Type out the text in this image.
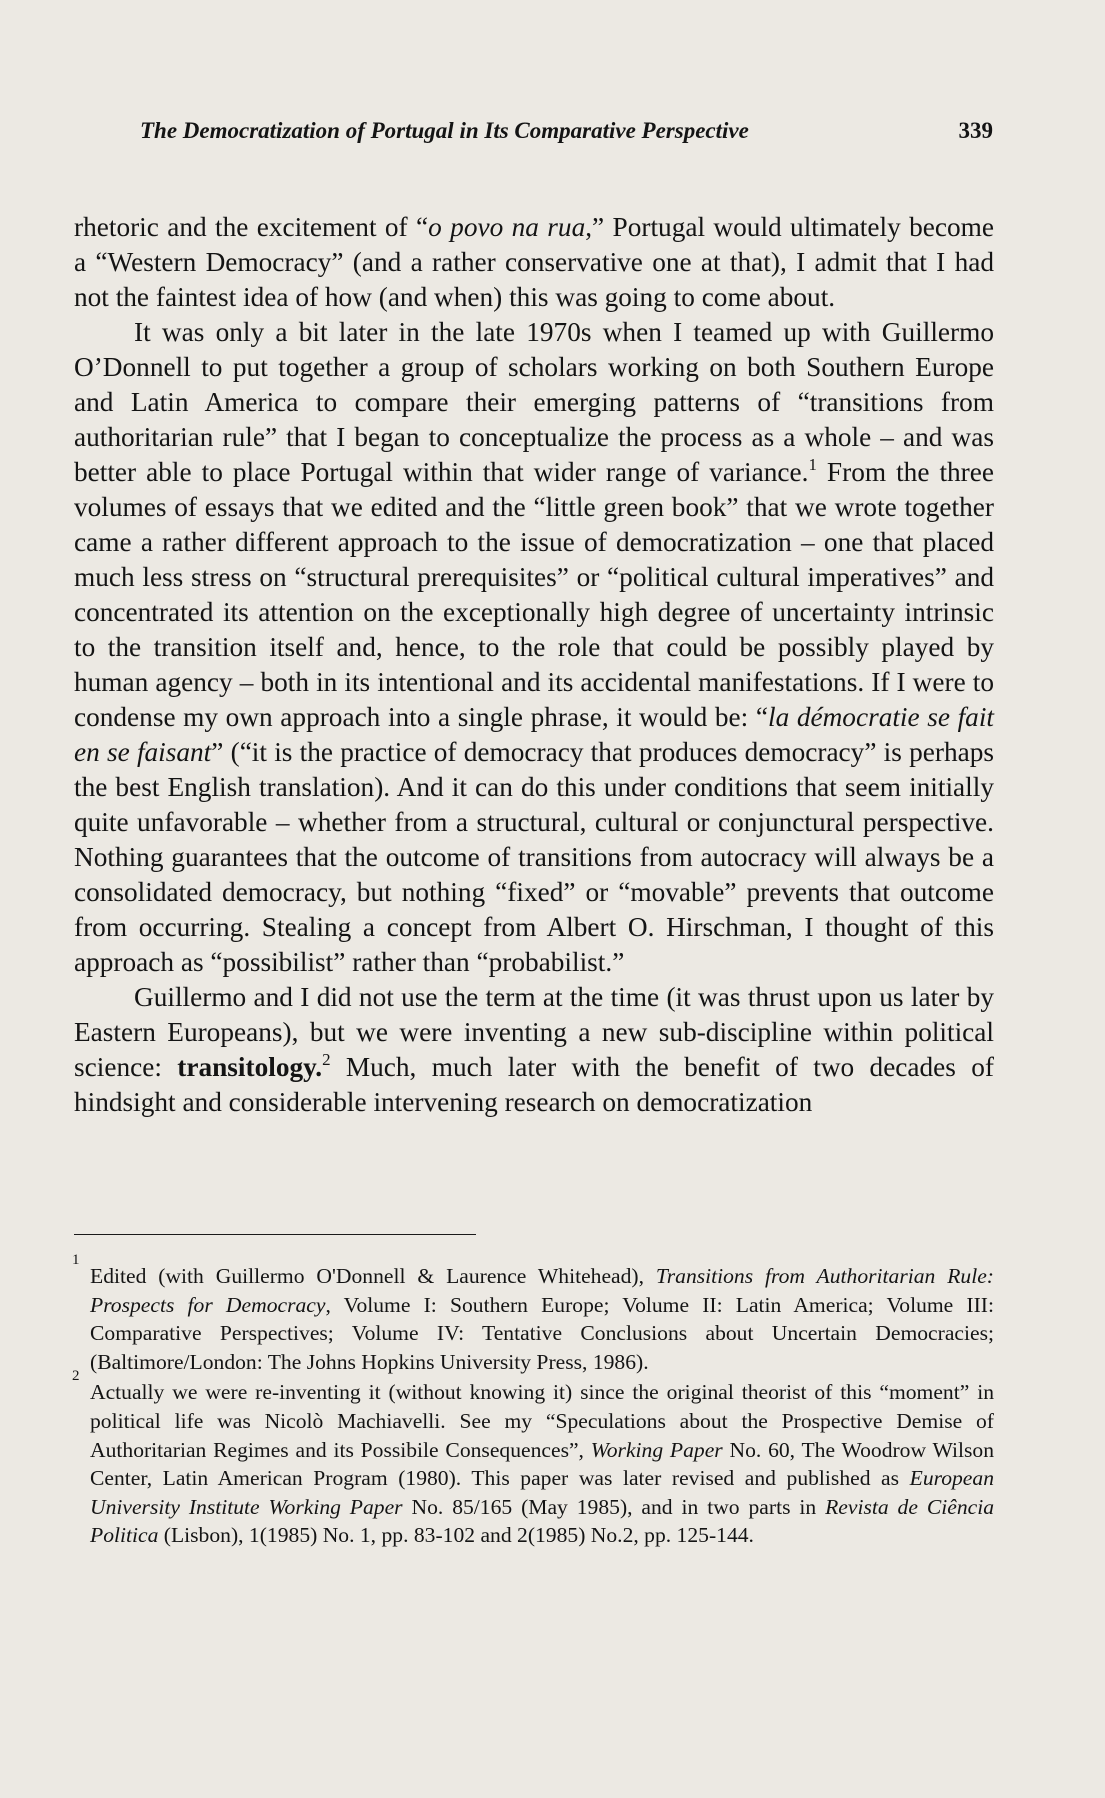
The Democratization of Portugal in Its Comparative Perspective	339

rhetoric and the excitement of “o povo na rua,” Portugal would ultimately become a “Western Democracy” (and a rather conservative one at that), I admit that I had not the faintest idea of how (and when) this was going to come about.

It was only a bit later in the late 1970s when I teamed up with Guillermo O’Donnell to put together a group of scholars working on both Southern Europe and Latin America to compare their emerging patterns of “transitions from authoritarian rule” that I began to conceptualize the process as a whole – and was better able to place Portugal within that wider range of variance.$^1$ From the three volumes of essays that we edited and the “little green book” that we wrote together came a rather different approach to the issue of democratization – one that placed much less stress on “structural prerequisites” or “political cultural imperatives” and concentrated its attention on the exceptionally high degree of uncertainty intrinsic to the transition itself and, hence, to the role that could be possibly played by human agency – both in its intentional and its accidental manifestations. If I were to condense my own approach into a single phrase, it would be: “la démocratie se fait en se faisant” (“it is the practice of democracy that produces democracy” is perhaps the best English translation). And it can do this under conditions that seem initially quite unfavorable – whether from a structural, cultural or conjunctural perspective. Nothing guarantees that the outcome of transitions from autocracy will always be a consolidated democracy, but nothing “fixed” or “movable” prevents that outcome from occurring. Stealing a concept from Albert O. Hirschman, I thought of this approach as “possibilist” rather than “probabilist.”

Guillermo and I did not use the term at the time (it was thrust upon us later by Eastern Europeans), but we were inventing a new sub-discipline within political science: transitology.$^2$ Much, much later with the benefit of two decades of hindsight and considerable intervening research on democratization

1
Edited (with Guillermo O'Donnell & Laurence Whitehead), Transitions from Authoritarian Rule: Prospects for Democracy, Volume I: Southern Europe; Volume II: Latin America; Volume III: Comparative Perspectives; Volume IV: Tentative Conclusions about Uncertain Democracies; (Baltimore/London: The Johns Hopkins University Press, 1986).
2
Actually we were re-inventing it (without knowing it) since the original theorist of this “moment” in political life was Nicolò Machiavelli. See my “Speculations about the Prospective Demise of Authoritarian Regimes and its Possibile Consequences”, Working Paper No. 60, The Woodrow Wilson Center, Latin American Program (1980). This paper was later revised and published as European University Institute Working Paper No. 85/165 (May 1985), and in two parts in Revista de Ciência Politica (Lisbon), 1(1985) No. 1, pp. 83-102 and 2(1985) No.2, pp. 125-144.
